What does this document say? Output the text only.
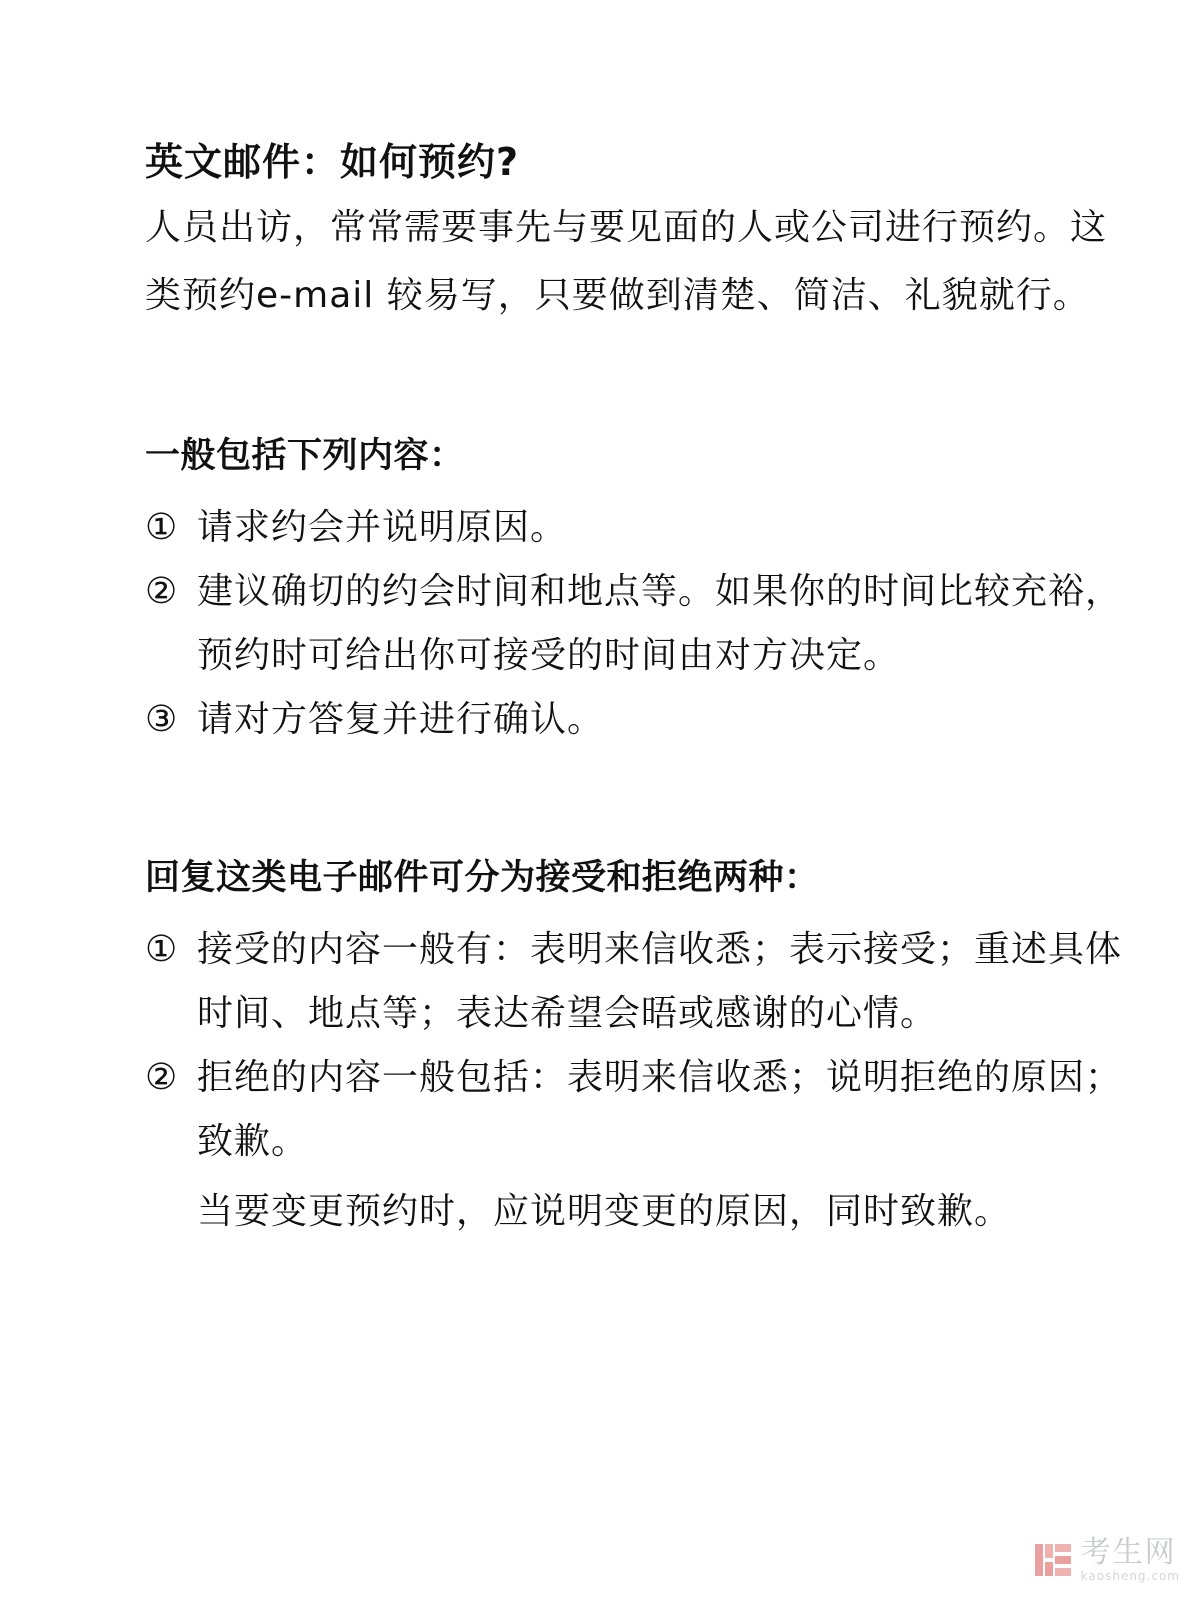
英文邮件：如何预约?

人员出访，常常需要事先与要见面的人或公司进行预约。这类预约e-mail 较易写，只要做到清楚、简洁、礼貌就行。

一般包括下列内容：
① 请求约会并说明原因。
② 建议确切的约会时间和地点等。如果你的时间比较充裕，预约时可给出你可接受的时间由对方决定。
③ 请对方答复并进行确认。
回复这类电子邮件可分为接受和拒绝两种：
① 接受的内容一般有：表明来信收悉；表示接受；重述具体时间、地点等；表达希望会晤或感谢的心情。
② 拒绝的内容一般包括：表明来信收悉；说明拒绝的原因；致歉。

当要变更预约时，应说明变更的原因，同时致歉。

考生网
kaosheng.com
